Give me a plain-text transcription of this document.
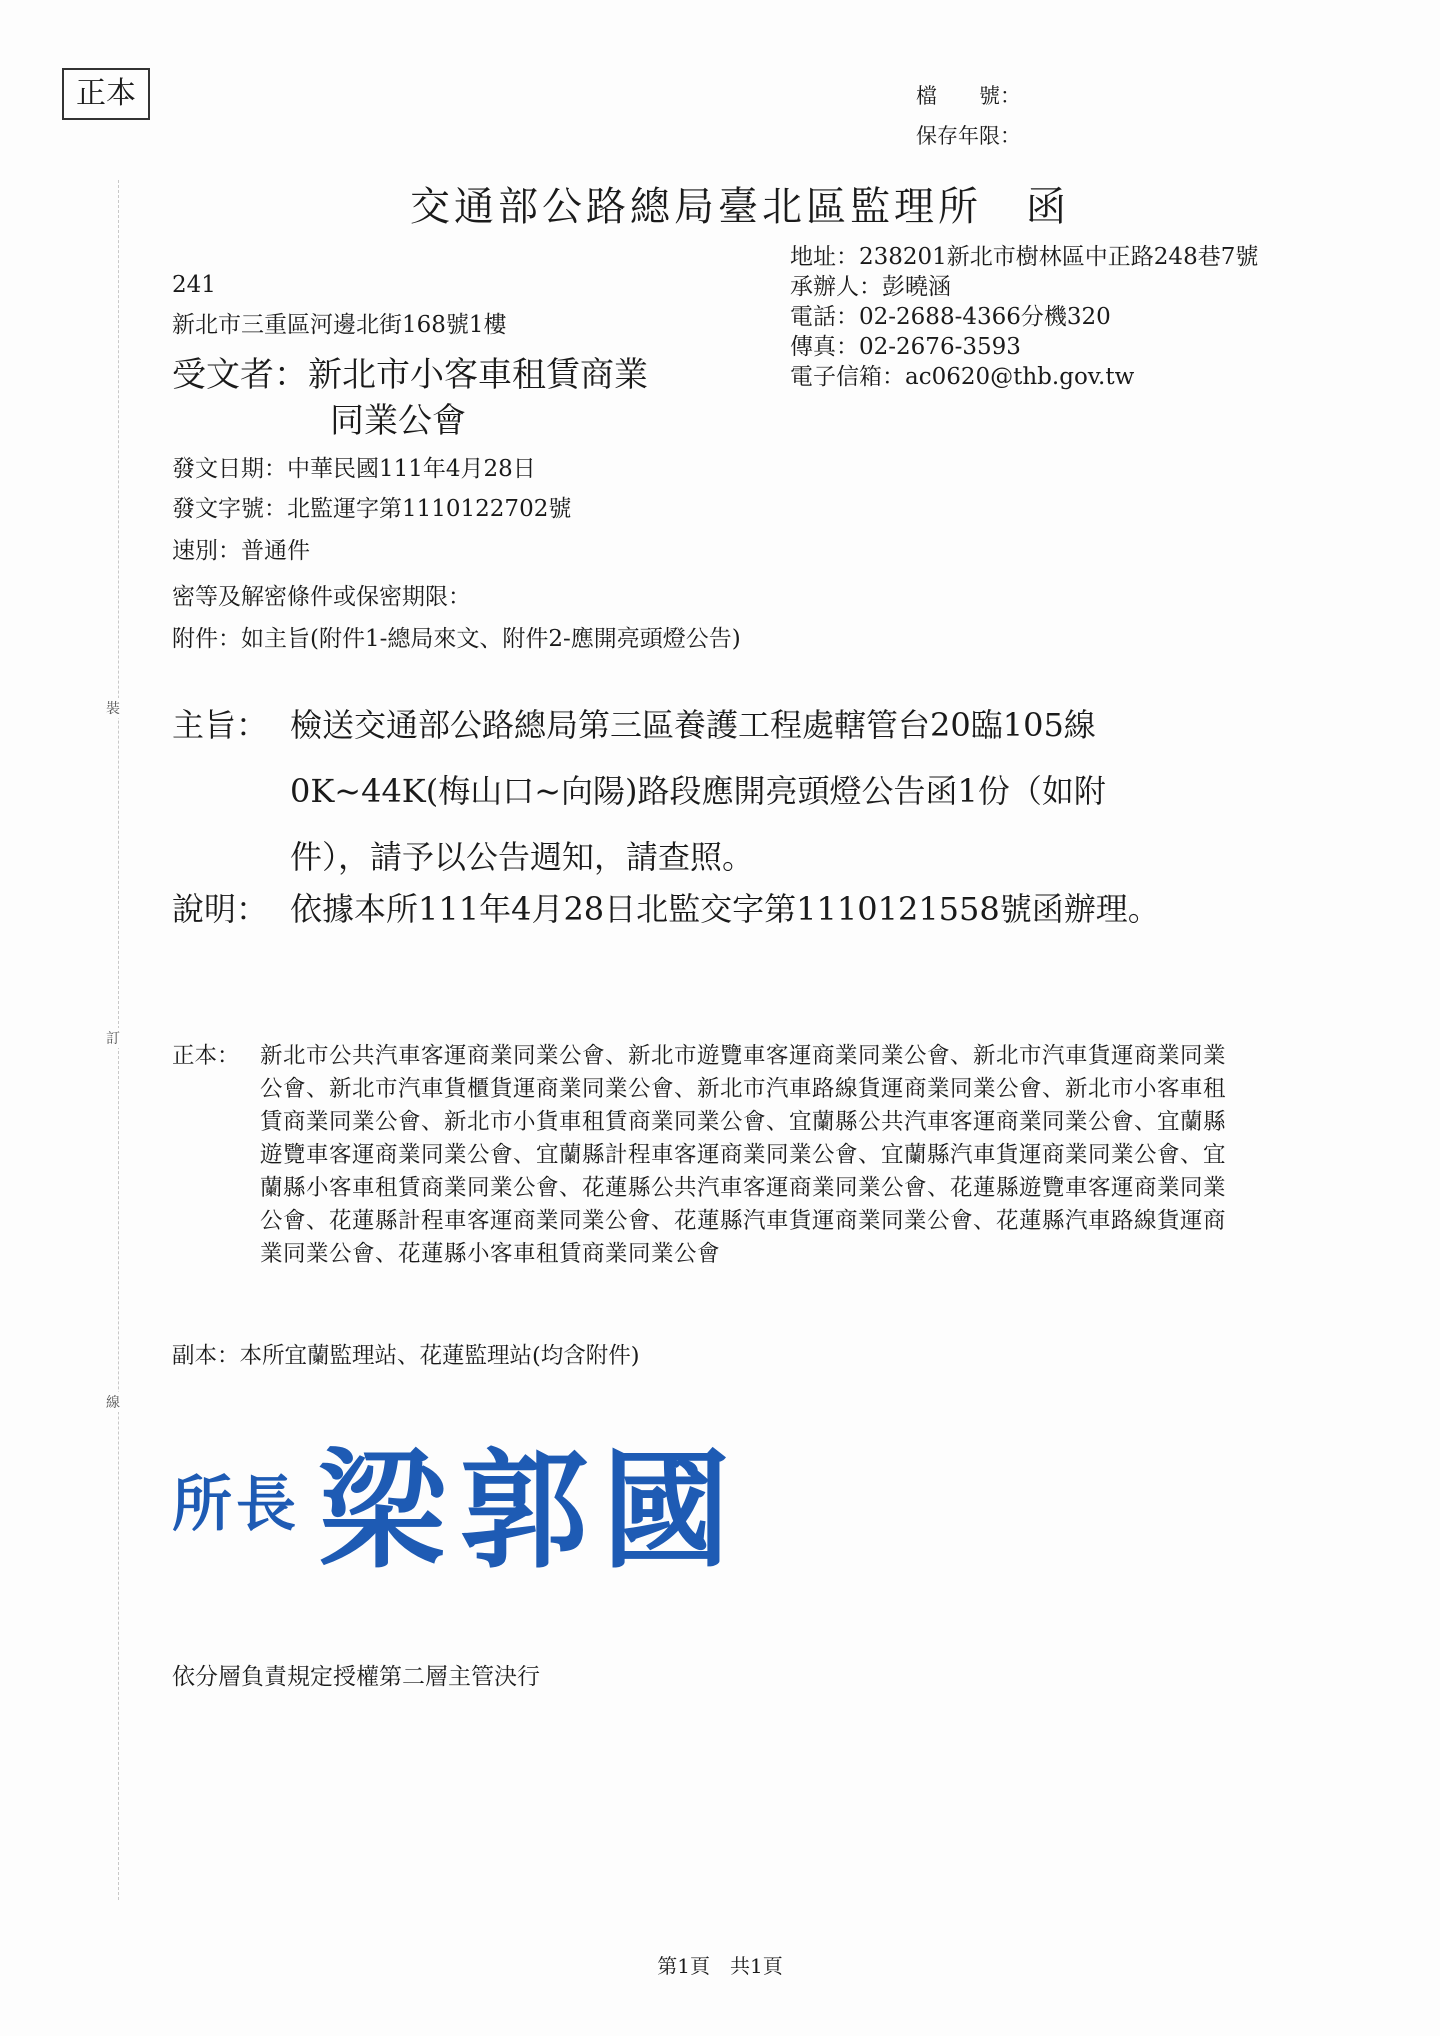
正本
裝
訂
線
檔　　號：
保存年限：
交通部公路總局臺北區監理所　函
地址：238201新北市樹林區中正路248巷7號
承辦人：彭曉涵
電話：02-2688-4366分機320
傳真：02-2676-3593
電子信箱：ac0620@thb.gov.tw
241
新北市三重區河邊北街168號1樓
受文者：新北市小客車租賃商業
同業公會
發文日期：中華民國111年4月28日
發文字號：北監運字第1110122702號
速別：普通件
密等及解密條件或保密期限：
附件：如主旨(附件1-總局來文、附件2-應開亮頭燈公告)
主旨： 檢送交通部公路總局第三區養護工程處轄管台20臨105線
0K~44K(梅山口~向陽)路段應開亮頭燈公告函1份（如附
件），請予以公告週知，請查照。
說明： 依據本所111年4月28日北監交字第1110121558號函辦理。
正本： 新北市公共汽車客運商業同業公會、新北市遊覽車客運商業同業公會、新北市汽車貨運商業同業公會、新北市汽車貨櫃貨運商業同業公會、新北市汽車路線貨運商業同業公會、新北市小客車租賃商業同業公會、新北市小貨車租賃商業同業公會、宜蘭縣公共汽車客運商業同業公會、宜蘭縣遊覽車客運商業同業公會、宜蘭縣計程車客運商業同業公會、宜蘭縣汽車貨運商業同業公會、宜蘭縣小客車租賃商業同業公會、花蓮縣公共汽車客運商業同業公會、花蓮縣遊覽車客運商業同業公會、花蓮縣計程車客運商業同業公會、花蓮縣汽車貨運商業同業公會、花蓮縣汽車路線貨運商業同業公會、花蓮縣小客車租賃商業同業公會
副本：本所宜蘭監理站、花蓮監理站(均含附件)
所長 梁郭國
依分層負責規定授權第二層主管決行
第1頁　共1頁
